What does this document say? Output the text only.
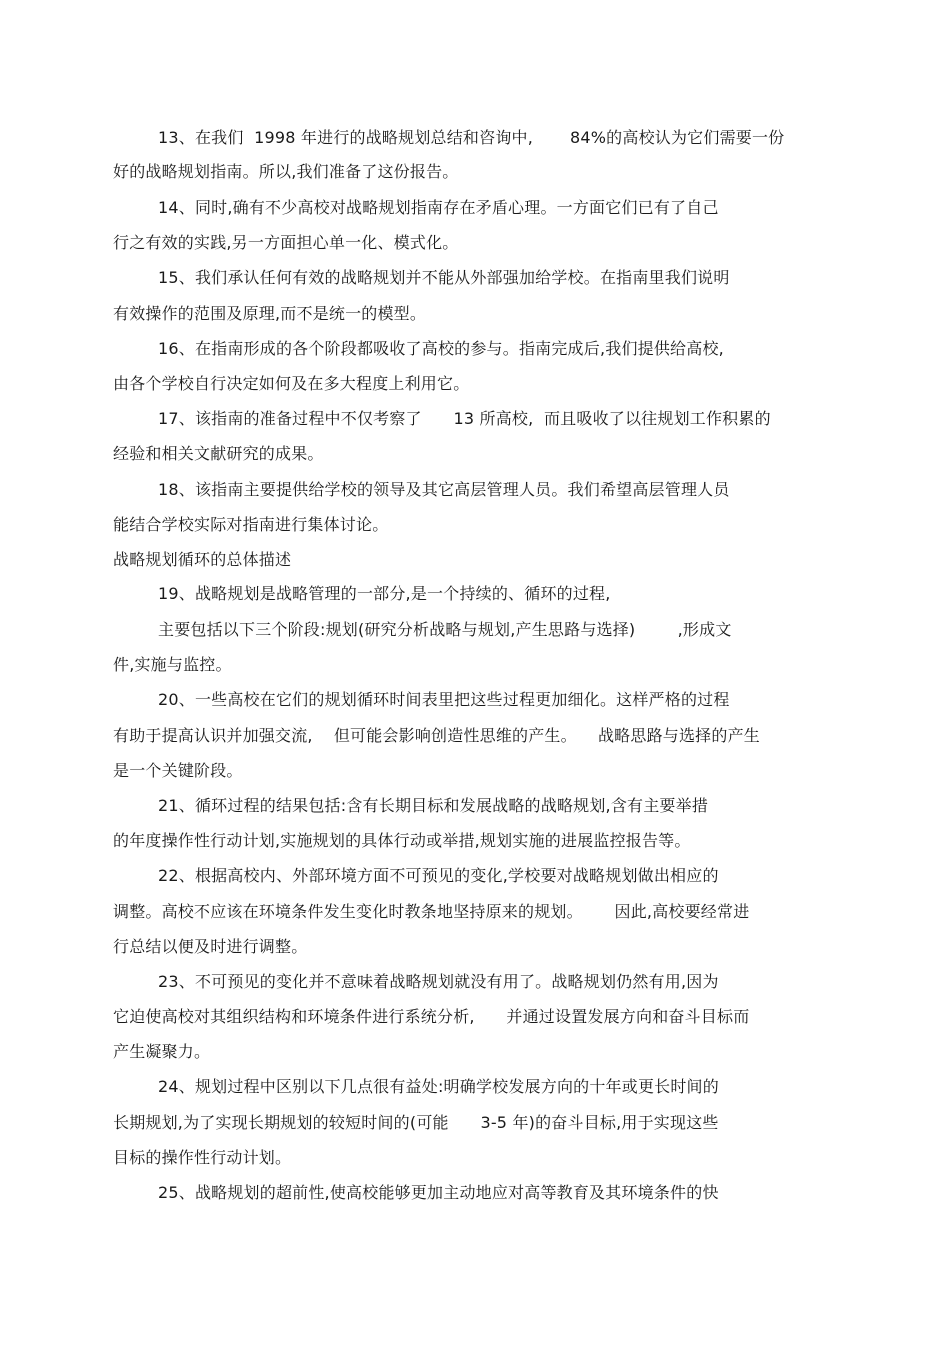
13、在我们  1998 年进行的战略规划总结和咨询中,       84%的高校认为它们需要一份
好的战略规划指南。所以,我们准备了这份报告。
14、同时,确有不少高校对战略规划指南存在矛盾心理。一方面它们已有了自己
行之有效的实践,另一方面担心单一化、模式化。
15、我们承认任何有效的战略规划并不能从外部强加给学校。在指南里我们说明
有效操作的范围及原理,而不是统一的模型。
16、在指南形成的各个阶段都吸收了高校的参与。指南完成后,我们提供给高校,
由各个学校自行决定如何及在多大程度上利用它。
17、该指南的准备过程中不仅考察了      13 所高校,  而且吸收了以往规划工作积累的
经验和相关文献研究的成果。
18、该指南主要提供给学校的领导及其它高层管理人员。我们希望高层管理人员
能结合学校实际对指南进行集体讨论。
战略规划循环的总体描述
19、战略规划是战略管理的一部分,是一个持续的、循环的过程,
主要包括以下三个阶段:规划(研究分析战略与规划,产生思路与选择)        ,形成文
件,实施与监控。
20、一些高校在它们的规划循环时间表里把这些过程更加细化。这样严格的过程
有助于提高认识并加强交流,    但可能会影响创造性思维的产生。    战略思路与选择的产生
是一个关键阶段。
21、循环过程的结果包括:含有长期目标和发展战略的战略规划,含有主要举措
的年度操作性行动计划,实施规划的具体行动或举措,规划实施的进展监控报告等。
22、根据高校内、外部环境方面不可预见的变化,学校要对战略规划做出相应的
调整。高校不应该在环境条件发生变化时教条地坚持原来的规划。      因此,高校要经常进
行总结以便及时进行调整。
23、不可预见的变化并不意味着战略规划就没有用了。战略规划仍然有用,因为
它迫使高校对其组织结构和环境条件进行系统分析,      并通过设置发展方向和奋斗目标而
产生凝聚力。
24、规划过程中区别以下几点很有益处:明确学校发展方向的十年或更长时间的
长期规划,为了实现长期规划的较短时间的(可能      3-5 年)的奋斗目标,用于实现这些
目标的操作性行动计划。
25、战略规划的超前性,使高校能够更加主动地应对高等教育及其环境条件的快
